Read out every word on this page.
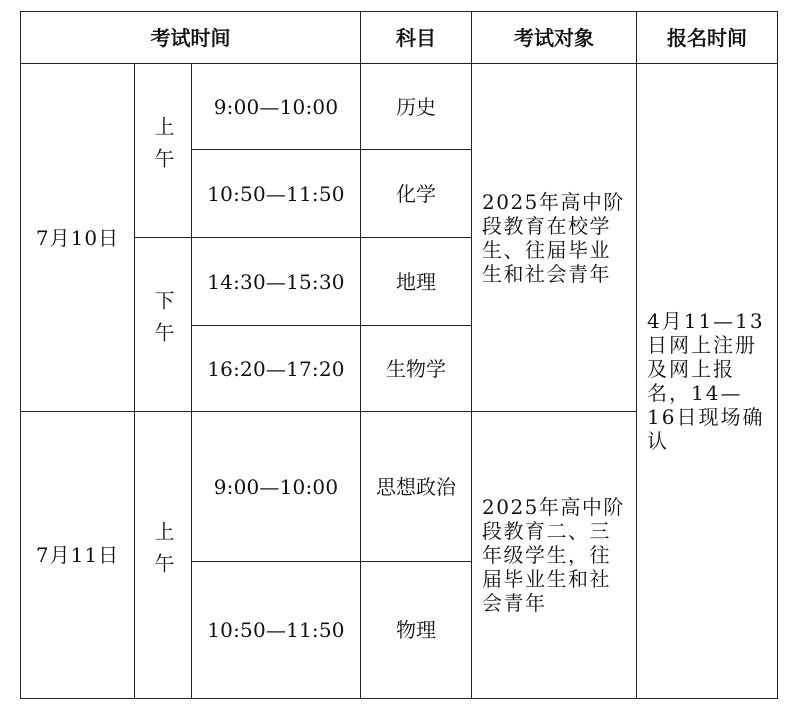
考试时间			科目	考试对象	报名时间
7月10日	上午	9:00—10:00	历史	2025年高中阶段教育在校学生、往届毕业生和社会青年	4月11—13日网上注册及网上报名，14—16日现场确认

		10:50—11:50	化学		
	下午	14:30—15:30	地理		
		16:20—17:20	生物学		
7月11日	上午	9:00—10:00	思想政治	2025年高中阶段教育二、三年级学生，往届毕业生和社会青年	

		10:50—11:50	物理		
